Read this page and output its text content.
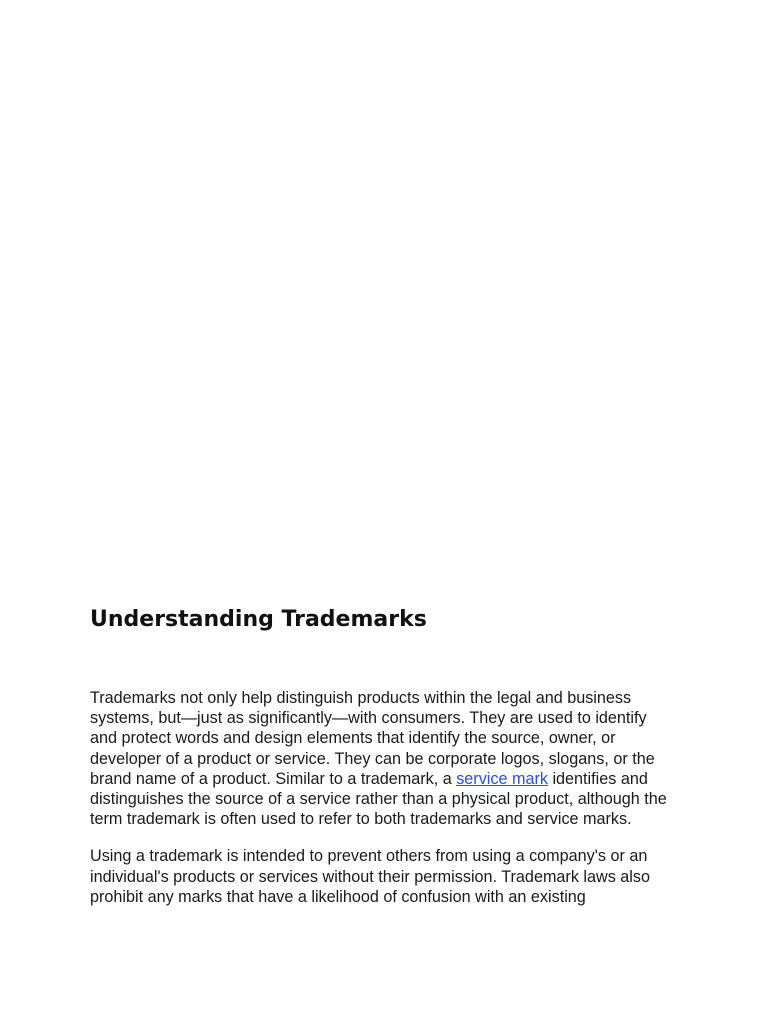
Understanding Trademarks

Trademarks not only help distinguish products within the legal and business systems, but—just as significantly—with consumers. They are used to identify and protect words and design elements that identify the source, owner, or developer of a product or service. They can be corporate logos, slogans, or the brand name of a product. Similar to a trademark, a service mark identifies and distinguishes the source of a service rather than a physical product, although the term trademark is often used to refer to both trademarks and service marks.

Using a trademark is intended to prevent others from using a company's or an individual's products or services without their permission. Trademark laws also prohibit any marks that have a likelihood of confusion with an existing
